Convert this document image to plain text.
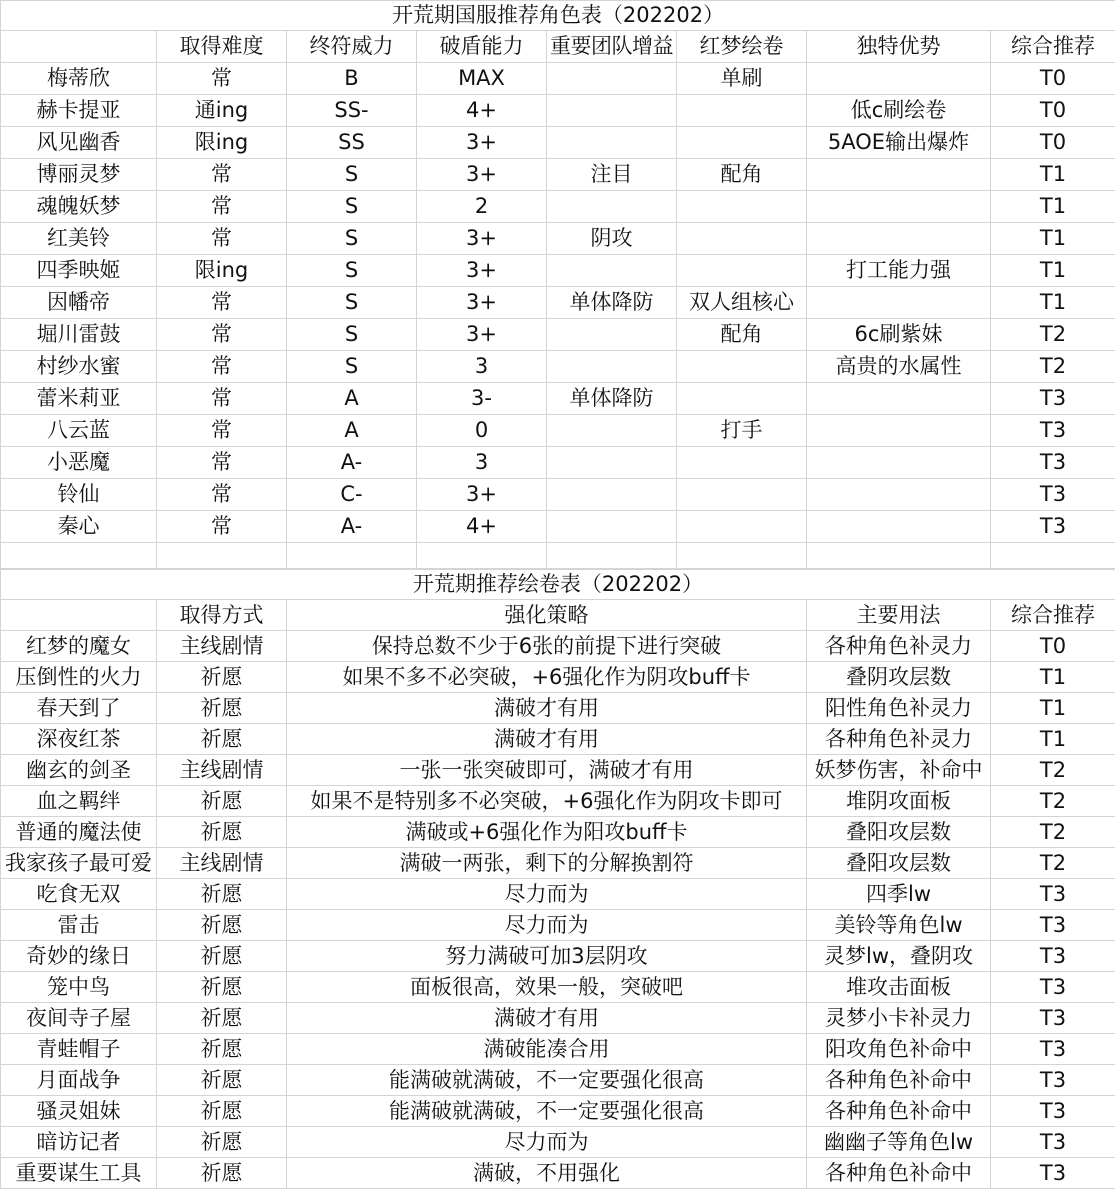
开荒期国服推荐角色表（202202）							
	取得难度	终符威力	破盾能力	重要团队增益	红梦绘卷	独特优势	综合推荐
梅蒂欣	常	B	MAX		单刷		T0
赫卡提亚	通ing	SS-	4+			低c刷绘卷	T0
风见幽香	限ing	SS	3+			5AOE输出爆炸	T0
博丽灵梦	常	S	3+	注目	配角		T1
魂魄妖梦	常	S	2				T1
红美铃	常	S	3+	阴攻			T1
四季映姬	限ing	S	3+			打工能力强	T1
因幡帝	常	S	3+	单体降防	双人组核心		T1
堀川雷鼓	常	S	3+		配角	6c刷紫妹	T2
村纱水蜜	常	S	3			高贵的水属性	T2
蕾米莉亚	常	A	3-	单体降防			T3
八云蓝	常	A	0		打手		T3
小恶魔	常	A-	3				T3
铃仙	常	C-	3+				T3
秦心	常	A-	4+				T3

开荒期推荐绘卷表（202202）				
	取得方式	强化策略	主要用法	综合推荐
红梦的魔女	主线剧情	保持总数不少于6张的前提下进行突破	各种角色补灵力	T0
压倒性的火力	祈愿	如果不多不必突破，+6强化作为阴攻buff卡	叠阴攻层数	T1
春天到了	祈愿	满破才有用	阳性角色补灵力	T1
深夜红茶	祈愿	满破才有用	各种角色补灵力	T1
幽玄的剑圣	主线剧情	一张一张突破即可，满破才有用	妖梦伤害，补命中	T2
血之羁绊	祈愿	如果不是特别多不必突破，+6强化作为阴攻卡即可	堆阴攻面板	T2
普通的魔法使	祈愿	满破或+6强化作为阳攻buff卡	叠阳攻层数	T2
我家孩子最可爱	主线剧情	满破一两张，剩下的分解换割符	叠阳攻层数	T2
吃食无双	祈愿	尽力而为	四季lw	T3
雷击	祈愿	尽力而为	美铃等角色lw	T3
奇妙的缘日	祈愿	努力满破可加3层阴攻	灵梦lw，叠阴攻	T3
笼中鸟	祈愿	面板很高，效果一般，突破吧	堆攻击面板	T3
夜间寺子屋	祈愿	满破才有用	灵梦小卡补灵力	T3
青蛙帽子	祈愿	满破能凑合用	阳攻角色补命中	T3
月面战争	祈愿	能满破就满破，不一定要强化很高	各种角色补命中	T3
骚灵姐妹	祈愿	能满破就满破，不一定要强化很高	各种角色补命中	T3
暗访记者	祈愿	尽力而为	幽幽子等角色lw	T3
重要谋生工具	祈愿	满破，不用强化	各种角色补命中	T3
